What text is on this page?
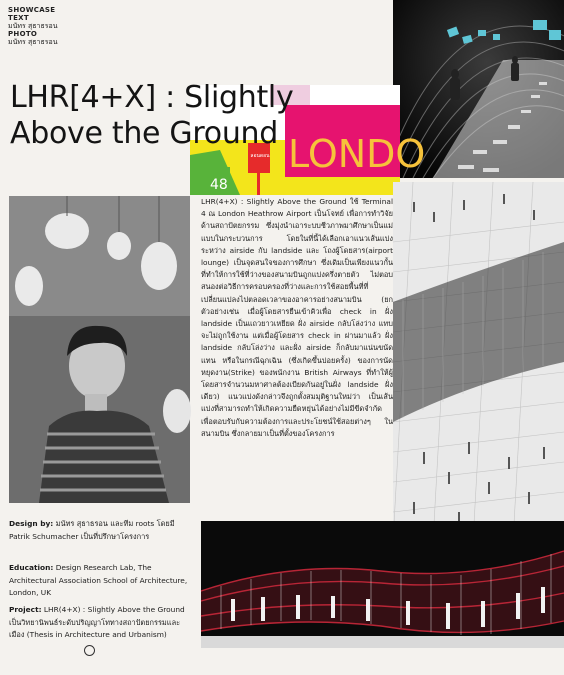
SHOWCASE
TEXT
มนัทร สุธาธรอน
PHOTO
มนัทร สุธาธรอน
ลอนดอน
48
LONDO
LHR[4+X] : Slightly
Above the Ground
LHR(4+X) : Slightly Above the Ground ใช้ Terminal 4 ณ London Heathrow Airport เป็นโจทย์ เพื่อการทำวิจัยด้านสถาปัตยกรรม ซึ่งมุ่งนำเอาระบบชีวภาพมาศึกษาเป็นแม่แบบในกระบวนการ โดยในที่นี้ได้เลือกเอาแนวเส้นแบ่งระหว่าง airside กับ landside และ โถงผู้โดยสาร(airport lounge) เป็นจุดสนใจของการศึกษา ซึ่งเดิมเป็นเพียงแนวกั้นที่ทำให้การใช้ที่ว่างของสนามบินถูกแบ่งครึ่งตายตัว ไม่ตอบสนองต่อวิธีการครอบครองที่ว่างและการใช้สอยพื้นที่ที่เปลี่ยนแปลงไปตลอดเวลาของอาคารอย่างสนามบิน (ยกตัวอย่างเช่น เมื่อผู้โดยสารยืนเข้าคิวเพื่อ check in ฝั่ง landside เป็นแถวยาวเหยียด ฝั่ง airside กลับโล่งว่าง แทบจะไม่ถูกใช้งาน แต่เมื่อผู้โดยสาร check in ผ่านมาแล้ว ฝั่ง landside กลับโล่งว่าง และฝั่ง airside ก็กลับมาแน่นขนัดแทน หรือในกรณีฉุกเฉิน (ซึ่งเกิดขึ้นบ่อยครั้ง) ของการนัดหยุดงาน(Strike) ของพนักงาน British Airways ที่ทำให้ผู้โดยสารจำนวนมหาศาลต้องเบียดกันอยู่ในฝั่ง landside ฝั่งเดียว) แนวแบ่งดังกล่าวจึงถูกตั้งสมมุติฐานใหม่ว่า เป็นเส้นแบ่งที่สามารถทำให้เกิดความยืดหยุ่นได้อย่างไม่มีขีดจำกัด เพื่อตอบรับกับความต้องการและประโยชน์ใช้สอยต่างๆ ในสนามบิน ซึ่งกลายมาเป็นที่ตั้งของโครงการ
Design by: มนัทร สุธาธรอน และทีม roots โดยมี Patrik Schumacher เป็นที่ปรึกษาโครงการ
Education: Design Research Lab, The Architectural Association School of Architecture, London, UK
Project: LHR(4+X) : Slightly Above the Ground เป็นวิทยานิพนธ์ระดับปริญญาโททางสถาปัตยกรรมและเมือง (Thesis in Architecture and Urbanism)
